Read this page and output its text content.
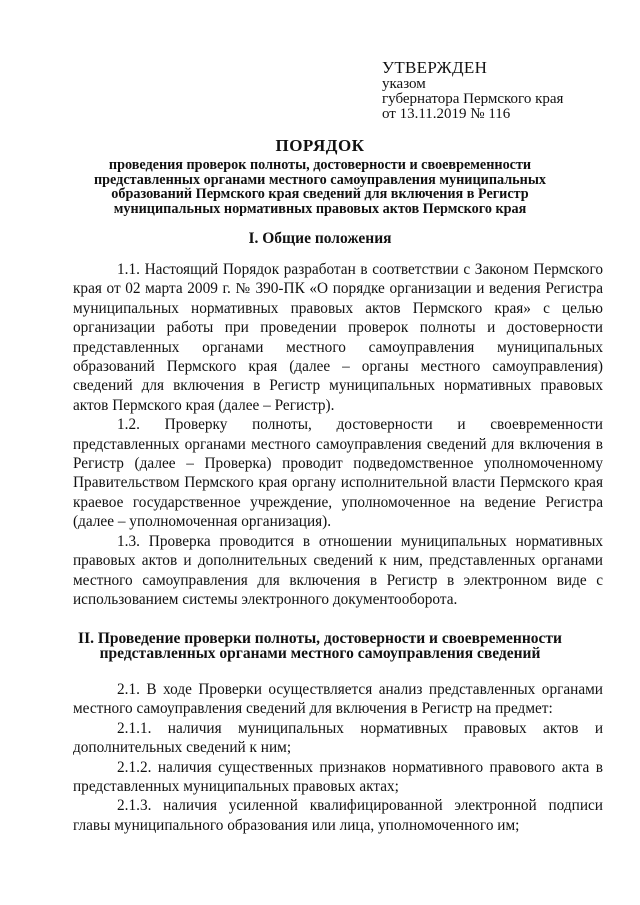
УТВЕРЖДЕН
указом
губернатора Пермского края
от 13.11.2019 № 116
ПОРЯДОК
проведения проверок полноты, достоверности и своевременности представленных органами местного самоуправления муниципальных образований Пермского края сведений для включения в Регистр муниципальных нормативных правовых актов Пермского края
I. Общие положения

1.1. Настоящий Порядок разработан в соответствии с Законом Пермского края от 02 марта 2009 г. № 390-ПК «О порядке организации и ведения Регистра муниципальных нормативных правовых актов Пермского края» с целью организации работы при проведении проверок полноты и достоверности представленных органами местного самоуправления муниципальных образований Пермского края (далее – органы местного самоуправления) сведений для включения в Регистр муниципальных нормативных правовых актов Пермского края (далее – Регистр).

1.2. Проверку полноты, достоверности и своевременности представленных органами местного самоуправления сведений для включения в Регистр (далее – Проверка) проводит подведомственное уполномоченному Правительством Пермского края органу исполнительной власти Пермского края краевое государственное учреждение, уполномоченное на ведение Регистра (далее – уполномоченная организация).

1.3. Проверка проводится в отношении муниципальных нормативных правовых актов и дополнительных сведений к ним, представленных органами местного самоуправления для включения в Регистр в электронном виде с использованием системы электронного документооборота.

II. Проведение проверки полноты, достоверности и своевременности представленных органами местного самоуправления сведений

2.1. В ходе Проверки осуществляется анализ представленных органами местного самоуправления сведений для включения в Регистр на предмет:

2.1.1. наличия муниципальных нормативных правовых актов и дополнительных сведений к ним;

2.1.2. наличия существенных признаков нормативного правового акта в представленных муниципальных правовых актах;

2.1.3. наличия усиленной квалифицированной электронной подписи главы муниципального образования или лица, уполномоченного им;
